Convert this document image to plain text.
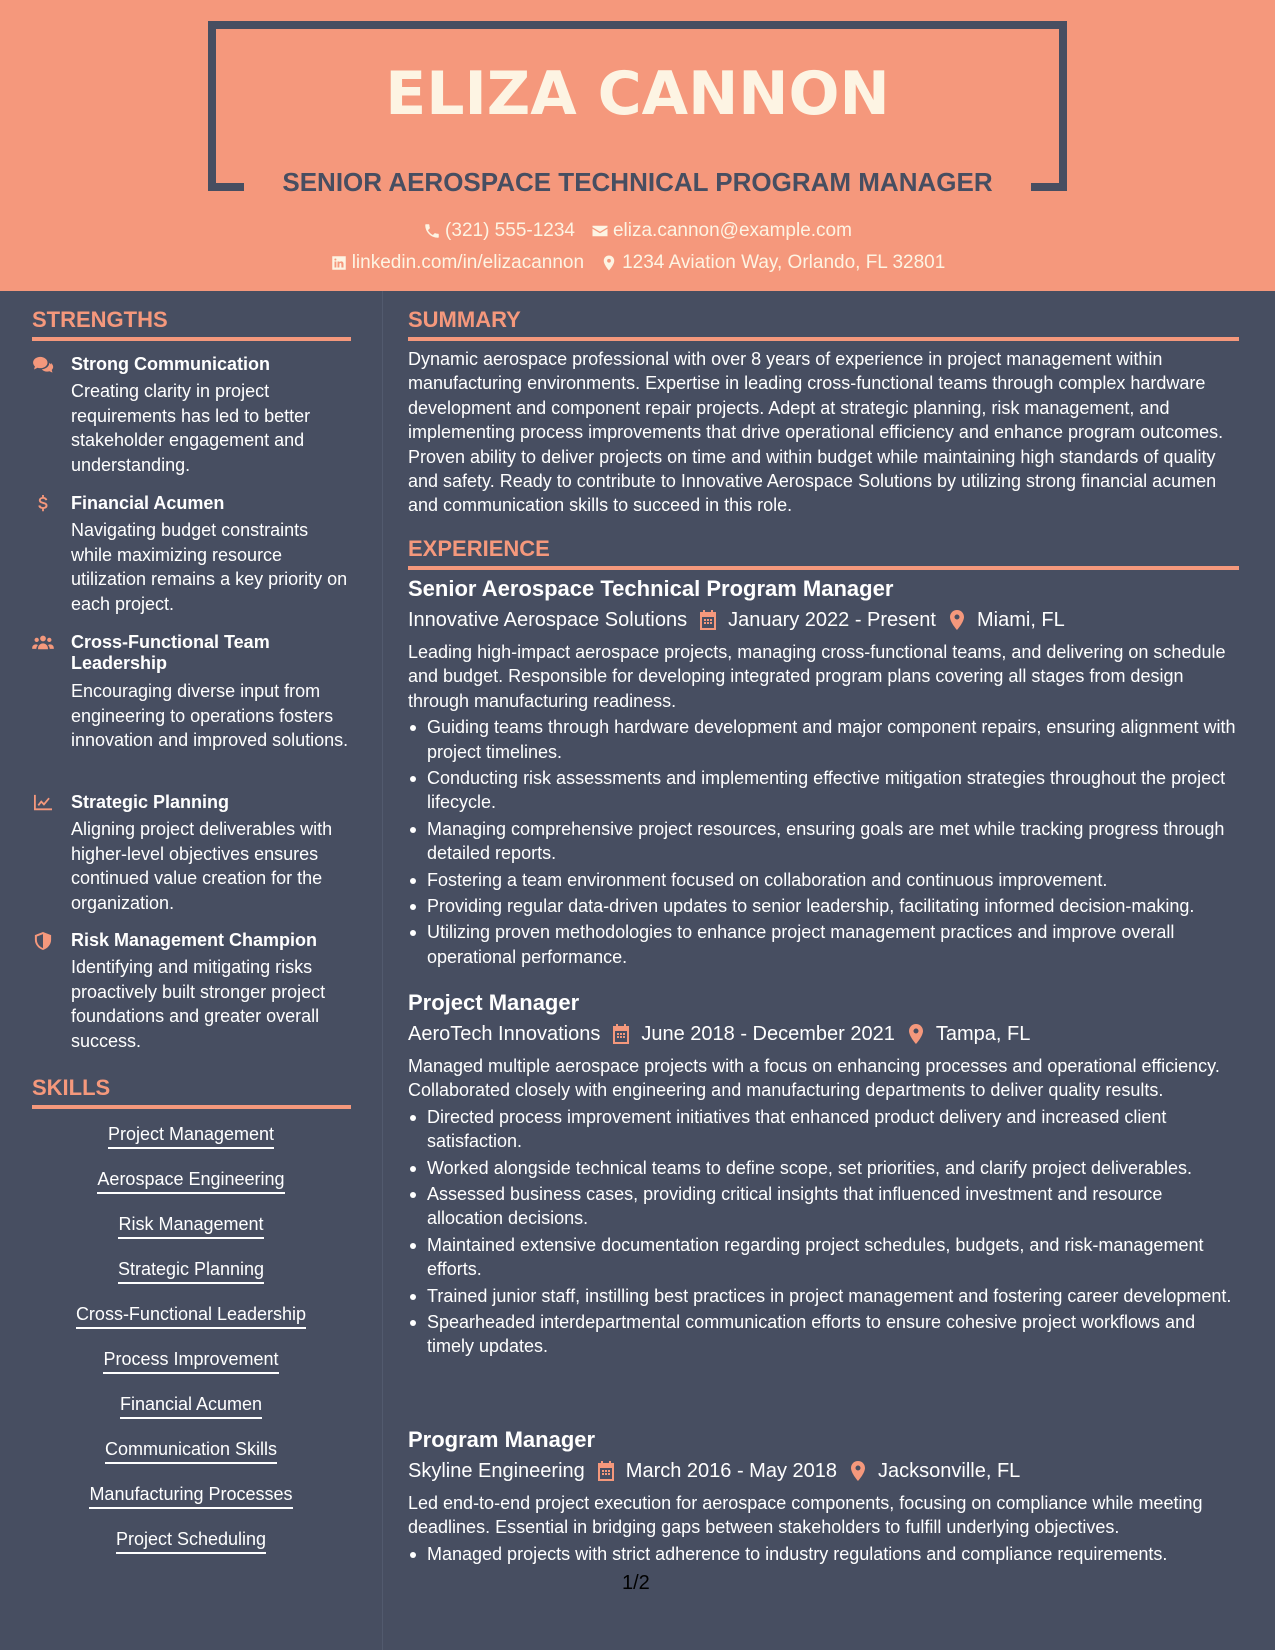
ELIZA CANNON
SENIOR AEROSPACE TECHNICAL PROGRAM MANAGER
(321) 555-1234 eliza.cannon@example.com
linkedin.com/in/elizacannon 1234 Aviation Way, Orlando, FL 32801
STRENGTHS
Strong Communication
Creating clarity in project requirements has led to better stakeholder engagement and understanding.
Financial Acumen
Navigating budget constraints while maximizing resource utilization remains a key priority on each project.
Cross-Functional Team Leadership
Encouraging diverse input from engineering to operations fosters innovation and improved solutions.
Strategic Planning
Aligning project deliverables with higher-level objectives ensures continued value creation for the organization.
Risk Management Champion
Identifying and mitigating risks proactively built stronger project foundations and greater overall success.
SKILLS
Project Management
Aerospace Engineering
Risk Management
Strategic Planning
Cross-Functional Leadership
Process Improvement
Financial Acumen
Communication Skills
Manufacturing Processes
Project Scheduling
SUMMARY
Dynamic aerospace professional with over 8 years of experience in project management within manufacturing environments. Expertise in leading cross-functional teams through complex hardware development and component repair projects. Adept at strategic planning, risk management, and implementing process improvements that drive operational efficiency and enhance program outcomes. Proven ability to deliver projects on time and within budget while maintaining high standards of quality and safety. Ready to contribute to Innovative Aerospace Solutions by utilizing strong financial acumen and communication skills to succeed in this role.
EXPERIENCE
Senior Aerospace Technical Program Manager
Innovative Aerospace Solutions January 2022 - Present Miami, FL
Leading high-impact aerospace projects, managing cross-functional teams, and delivering on schedule and budget. Responsible for developing integrated program plans covering all stages from design through manufacturing readiness.
Guiding teams through hardware development and major component repairs, ensuring alignment with project timelines.
Conducting risk assessments and implementing effective mitigation strategies throughout the project lifecycle.
Managing comprehensive project resources, ensuring goals are met while tracking progress through detailed reports.
Fostering a team environment focused on collaboration and continuous improvement.
Providing regular data-driven updates to senior leadership, facilitating informed decision-making.
Utilizing proven methodologies to enhance project management practices and improve overall operational performance.
Project Manager
AeroTech Innovations June 2018 - December 2021 Tampa, FL
Managed multiple aerospace projects with a focus on enhancing processes and operational efficiency. Collaborated closely with engineering and manufacturing departments to deliver quality results.
Directed process improvement initiatives that enhanced product delivery and increased client satisfaction.
Worked alongside technical teams to define scope, set priorities, and clarify project deliverables.
Assessed business cases, providing critical insights that influenced investment and resource allocation decisions.
Maintained extensive documentation regarding project schedules, budgets, and risk-management efforts.
Trained junior staff, instilling best practices in project management and fostering career development.
Spearheaded interdepartmental communication efforts to ensure cohesive project workflows and timely updates.
Program Manager
Skyline Engineering March 2016 - May 2018 Jacksonville, FL
Led end-to-end project execution for aerospace components, focusing on compliance while meeting deadlines. Essential in bridging gaps between stakeholders to fulfill underlying objectives.
Managed projects with strict adherence to industry regulations and compliance requirements.
1/2
